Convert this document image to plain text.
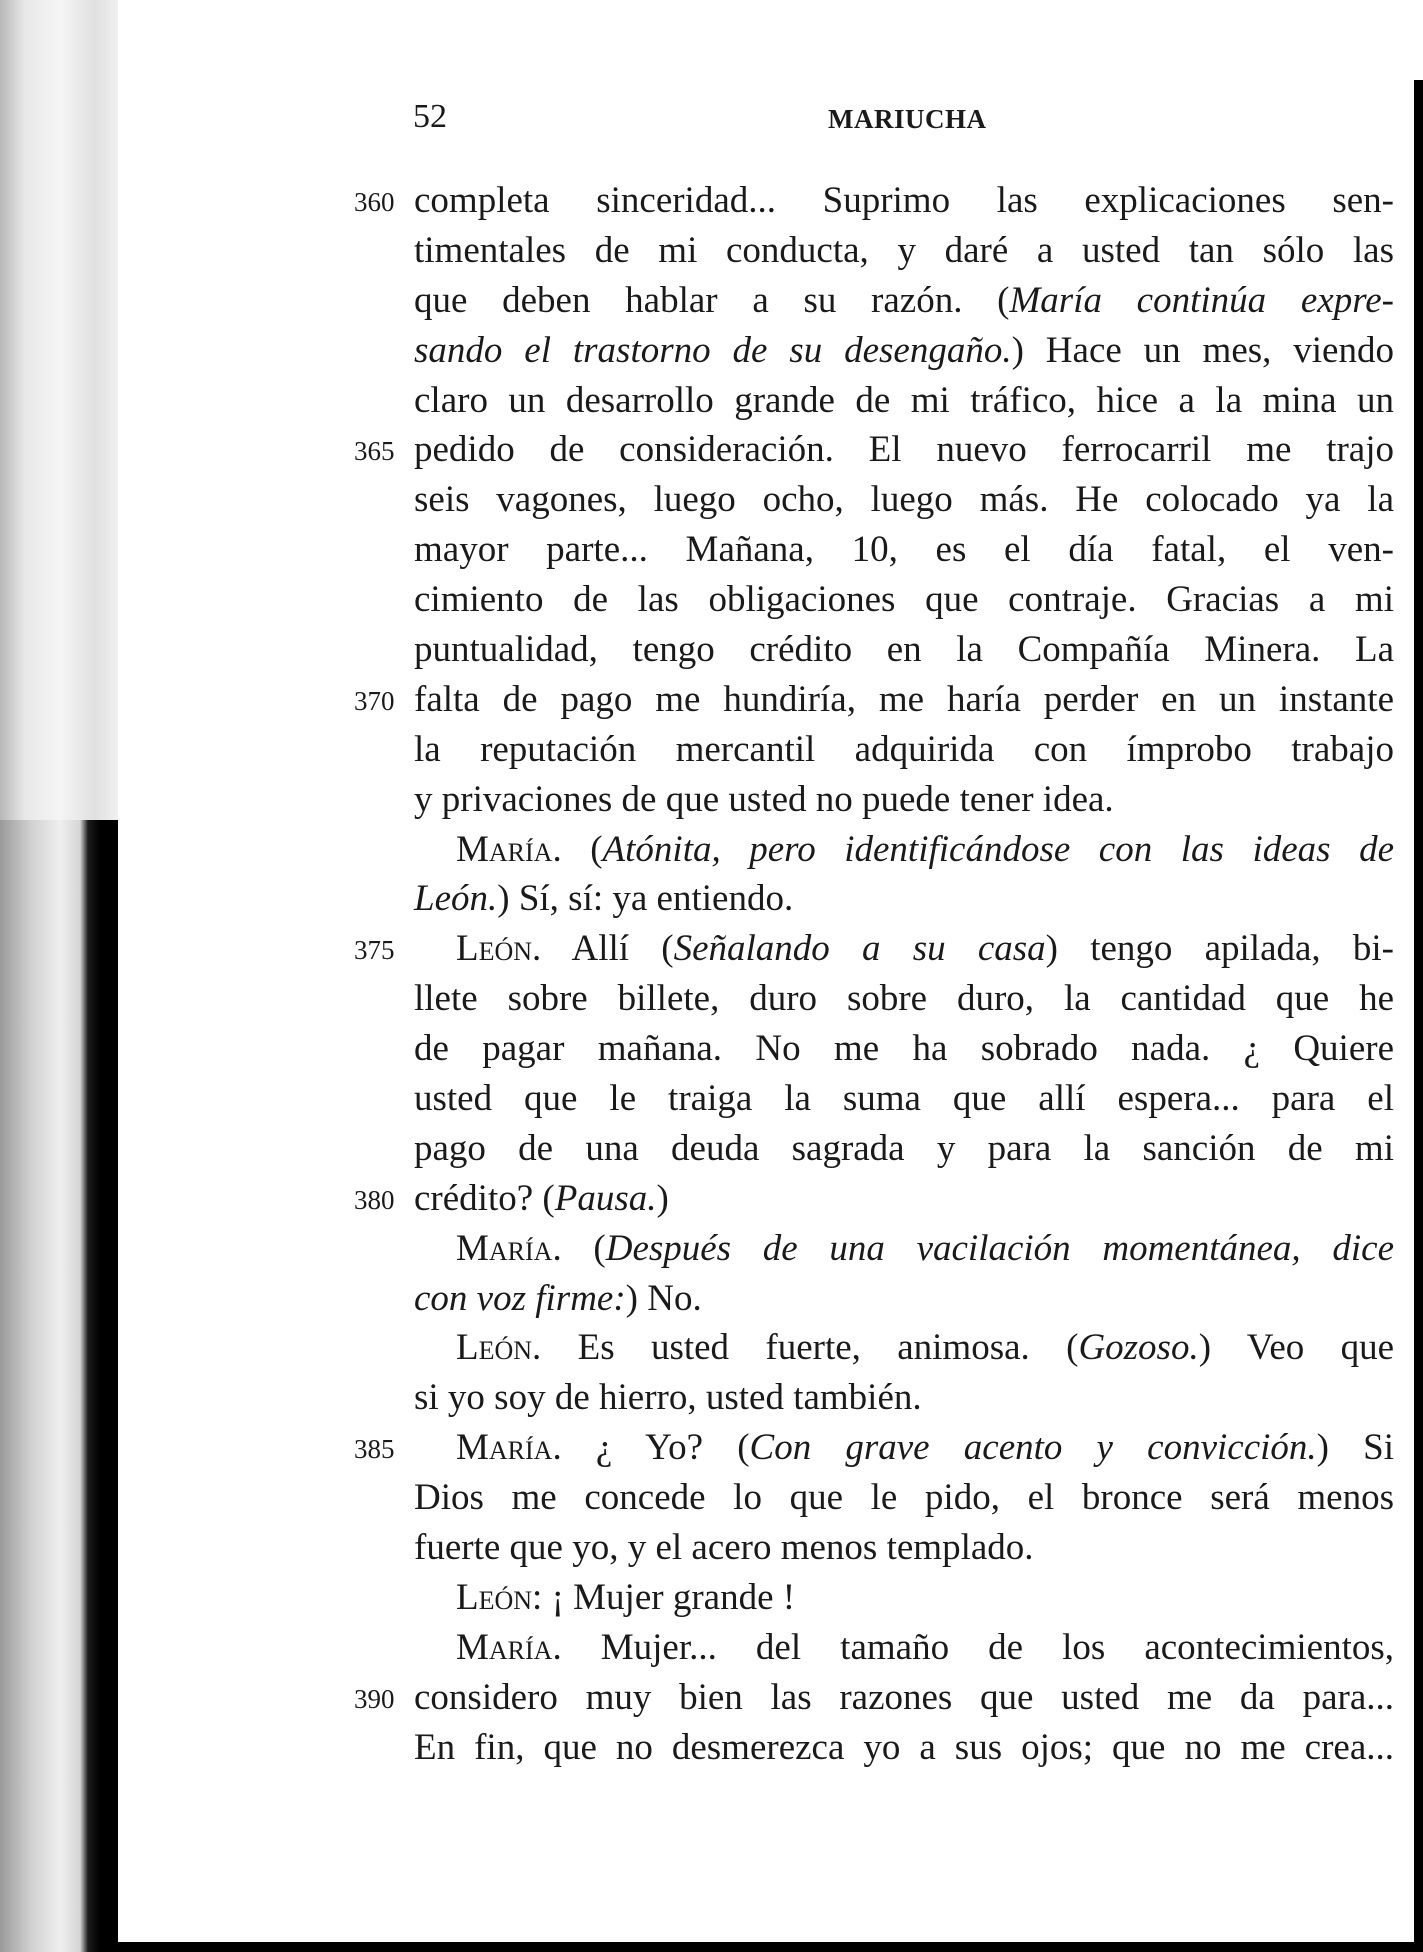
52	MARIUCHA
360 completa sinceridad... Suprimo las explicaciones sen-
timentales de mi conducta, y daré a usted tan sólo las
que deben hablar a su razón. (María continúa expre-
sando el trastorno de su desengaño.) Hace un mes, viendo
claro un desarrollo grande de mi tráfico, hice a la mina un
365 pedido de consideración. El nuevo ferrocarril me trajo
seis vagones, luego ocho, luego más. He colocado ya la
mayor parte... Mañana, 10, es el día fatal, el ven-
cimiento de las obligaciones que contraje. Gracias a mi
puntualidad, tengo crédito en la Compañía Minera. La
370 falta de pago me hundiría, me haría perder en un instante
la reputación mercantil adquirida con ímprobo trabajo
y privaciones de que usted no puede tener idea.
María. (Atónita, pero identificándose con las ideas de
León.) Sí, sí: ya entiendo.
375 León. Allí (Señalando a su casa) tengo apilada, bi-
llete sobre billete, duro sobre duro, la cantidad que he
de pagar mañana. No me ha sobrado nada. ¿ Quiere
usted que le traiga la suma que allí espera... para el
pago de una deuda sagrada y para la sanción de mi
380 crédito? (Pausa.)
María. (Después de una vacilación momentánea, dice
con voz firme:) No.
León. Es usted fuerte, animosa. (Gozoso.) Veo que
si yo soy de hierro, usted también.
385 María. ¿ Yo? (Con grave acento y convicción.) Si
Dios me concede lo que le pido, el bronce será menos
fuerte que yo, y el acero menos templado.
León: ¡ Mujer grande !
María. Mujer... del tamaño de los acontecimientos,
390 considero muy bien las razones que usted me da para...
En fin, que no desmerezca yo a sus ojos; que no me crea...
